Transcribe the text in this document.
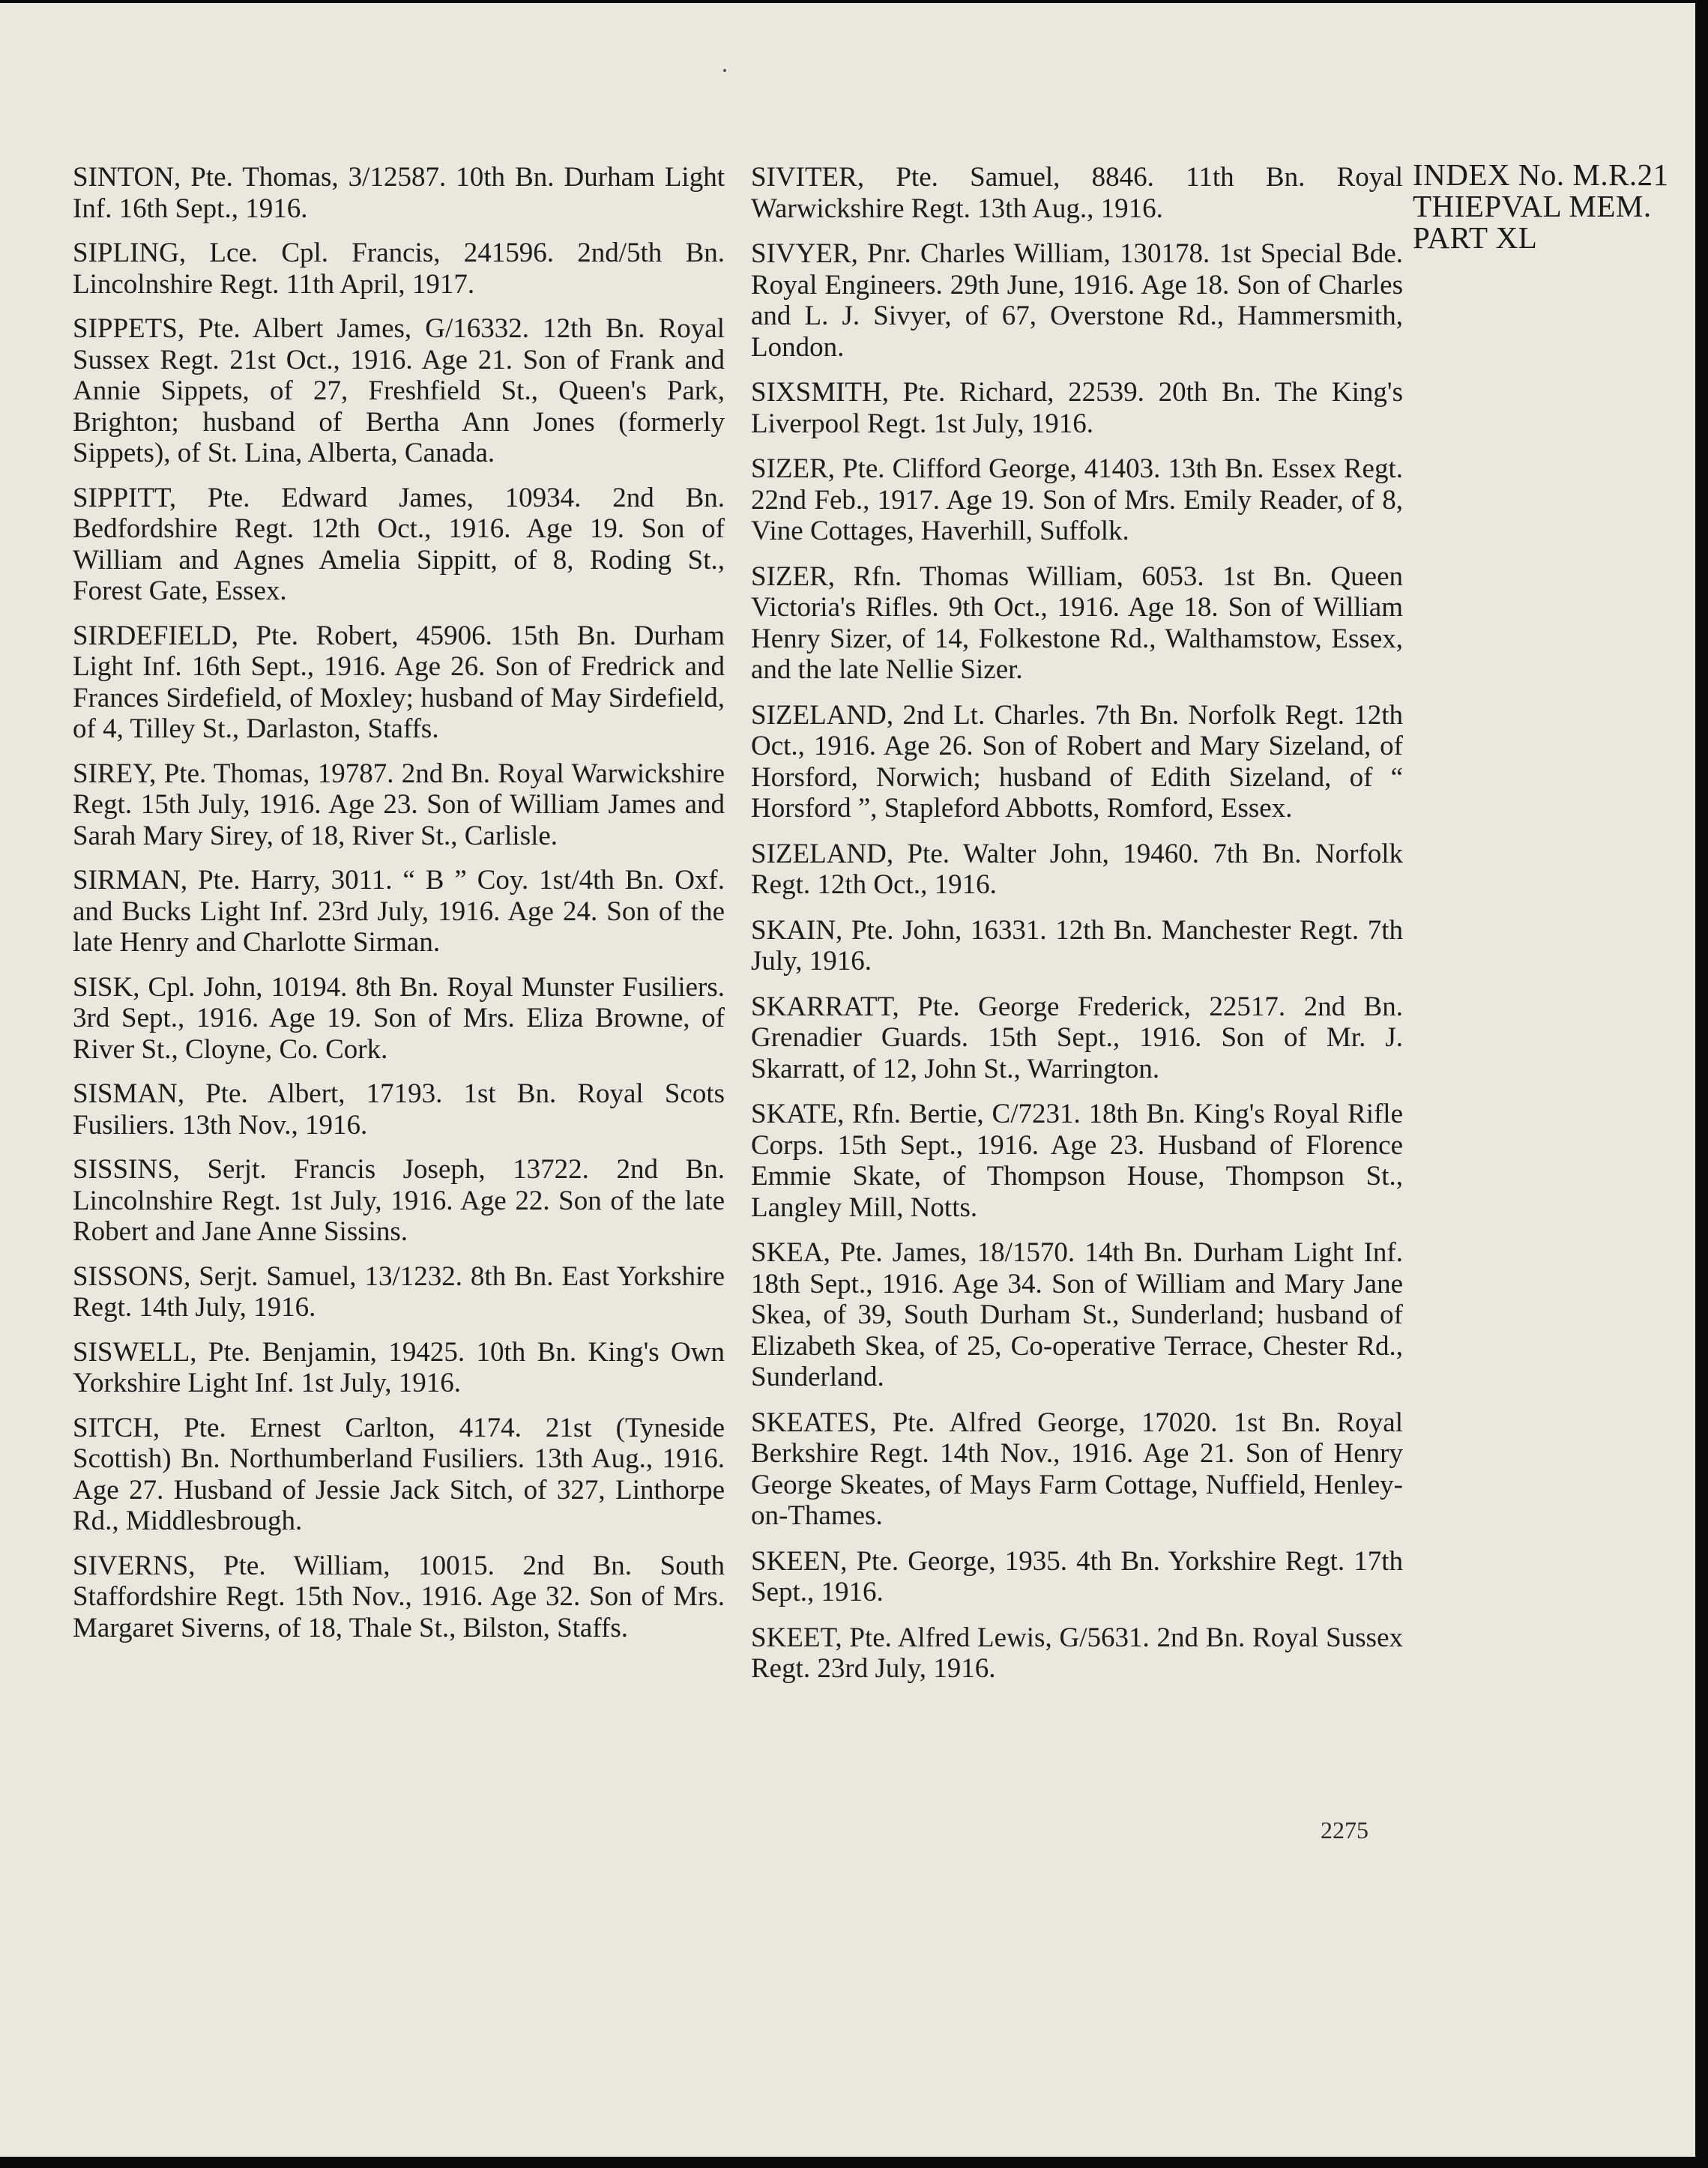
INDEX No. M.R.21
THIEPVAL MEM.
PART XL

SINTON, Pte. Thomas, 3/12587. 10th Bn. Durham Light Inf. 16th Sept., 1916.

SIPLING, Lce. Cpl. Francis, 241596. 2nd/5th Bn. Lincolnshire Regt. 11th April, 1917.

SIPPETS, Pte. Albert James, G/16332. 12th Bn. Royal Sussex Regt. 21st Oct., 1916. Age 21. Son of Frank and Annie Sippets, of 27, Freshfield St., Queen's Park, Brighton; husband of Bertha Ann Jones (formerly Sippets), of St. Lina, Alberta, Canada.

SIPPITT, Pte. Edward James, 10934. 2nd Bn. Bedfordshire Regt. 12th Oct., 1916. Age 19. Son of William and Agnes Amelia Sippitt, of 8, Roding St., Forest Gate, Essex.

SIRDEFIELD, Pte. Robert, 45906. 15th Bn. Durham Light Inf. 16th Sept., 1916. Age 26. Son of Fredrick and Frances Sirdefield, of Moxley; husband of May Sirdefield, of 4, Tilley St., Darlaston, Staffs.

SIREY, Pte. Thomas, 19787. 2nd Bn. Royal Warwickshire Regt. 15th July, 1916. Age 23. Son of William James and Sarah Mary Sirey, of 18, River St., Carlisle.

SIRMAN, Pte. Harry, 3011. “ B ” Coy. 1st/4th Bn. Oxf. and Bucks Light Inf. 23rd July, 1916. Age 24. Son of the late Henry and Charlotte Sirman.

SISK, Cpl. John, 10194. 8th Bn. Royal Munster Fusiliers. 3rd Sept., 1916. Age 19. Son of Mrs. Eliza Browne, of River St., Cloyne, Co. Cork.

SISMAN, Pte. Albert, 17193. 1st Bn. Royal Scots Fusiliers. 13th Nov., 1916.

SISSINS, Serjt. Francis Joseph, 13722. 2nd Bn. Lincolnshire Regt. 1st July, 1916. Age 22. Son of the late Robert and Jane Anne Sissins.

SISSONS, Serjt. Samuel, 13/1232. 8th Bn. East Yorkshire Regt. 14th July, 1916.

SISWELL, Pte. Benjamin, 19425. 10th Bn. King's Own Yorkshire Light Inf. 1st July, 1916.

SITCH, Pte. Ernest Carlton, 4174. 21st (Tyneside Scottish) Bn. Northumberland Fusiliers. 13th Aug., 1916. Age 27. Husband of Jessie Jack Sitch, of 327, Linthorpe Rd., Middlesbrough.

SIVERNS, Pte. William, 10015. 2nd Bn. South Staffordshire Regt. 15th Nov., 1916. Age 32. Son of Mrs. Margaret Siverns, of 18, Thale St., Bilston, Staffs.

SIVITER, Pte. Samuel, 8846. 11th Bn. Royal Warwickshire Regt. 13th Aug., 1916.

SIVYER, Pnr. Charles William, 130178. 1st Special Bde. Royal Engineers. 29th June, 1916. Age 18. Son of Charles and L. J. Sivyer, of 67, Overstone Rd., Hammersmith, London.

SIXSMITH, Pte. Richard, 22539. 20th Bn. The King's Liverpool Regt. 1st July, 1916.

SIZER, Pte. Clifford George, 41403. 13th Bn. Essex Regt. 22nd Feb., 1917. Age 19. Son of Mrs. Emily Reader, of 8, Vine Cottages, Haverhill, Suffolk.

SIZER, Rfn. Thomas William, 6053. 1st Bn. Queen Victoria's Rifles. 9th Oct., 1916. Age 18. Son of William Henry Sizer, of 14, Folkestone Rd., Walthamstow, Essex, and the late Nellie Sizer.

SIZELAND, 2nd Lt. Charles. 7th Bn. Norfolk Regt. 12th Oct., 1916. Age 26. Son of Robert and Mary Sizeland, of Horsford, Norwich; husband of Edith Sizeland, of “ Horsford ”, Stapleford Abbotts, Romford, Essex.

SIZELAND, Pte. Walter John, 19460. 7th Bn. Norfolk Regt. 12th Oct., 1916.

SKAIN, Pte. John, 16331. 12th Bn. Manchester Regt. 7th July, 1916.

SKARRATT, Pte. George Frederick, 22517. 2nd Bn. Grenadier Guards. 15th Sept., 1916. Son of Mr. J. Skarratt, of 12, John St., Warrington.

SKATE, Rfn. Bertie, C/7231. 18th Bn. King's Royal Rifle Corps. 15th Sept., 1916. Age 23. Husband of Florence Emmie Skate, of Thompson House, Thompson St., Langley Mill, Notts.

SKEA, Pte. James, 18/1570. 14th Bn. Durham Light Inf. 18th Sept., 1916. Age 34. Son of William and Mary Jane Skea, of 39, South Durham St., Sunderland; husband of Elizabeth Skea, of 25, Co-operative Terrace, Chester Rd., Sunderland.

SKEATES, Pte. Alfred George, 17020. 1st Bn. Royal Berkshire Regt. 14th Nov., 1916. Age 21. Son of Henry George Skeates, of Mays Farm Cottage, Nuffield, Henley-on-Thames.

SKEEN, Pte. George, 1935. 4th Bn. Yorkshire Regt. 17th Sept., 1916.

SKEET, Pte. Alfred Lewis, G/5631. 2nd Bn. Royal Sussex Regt. 23rd July, 1916.

2275
